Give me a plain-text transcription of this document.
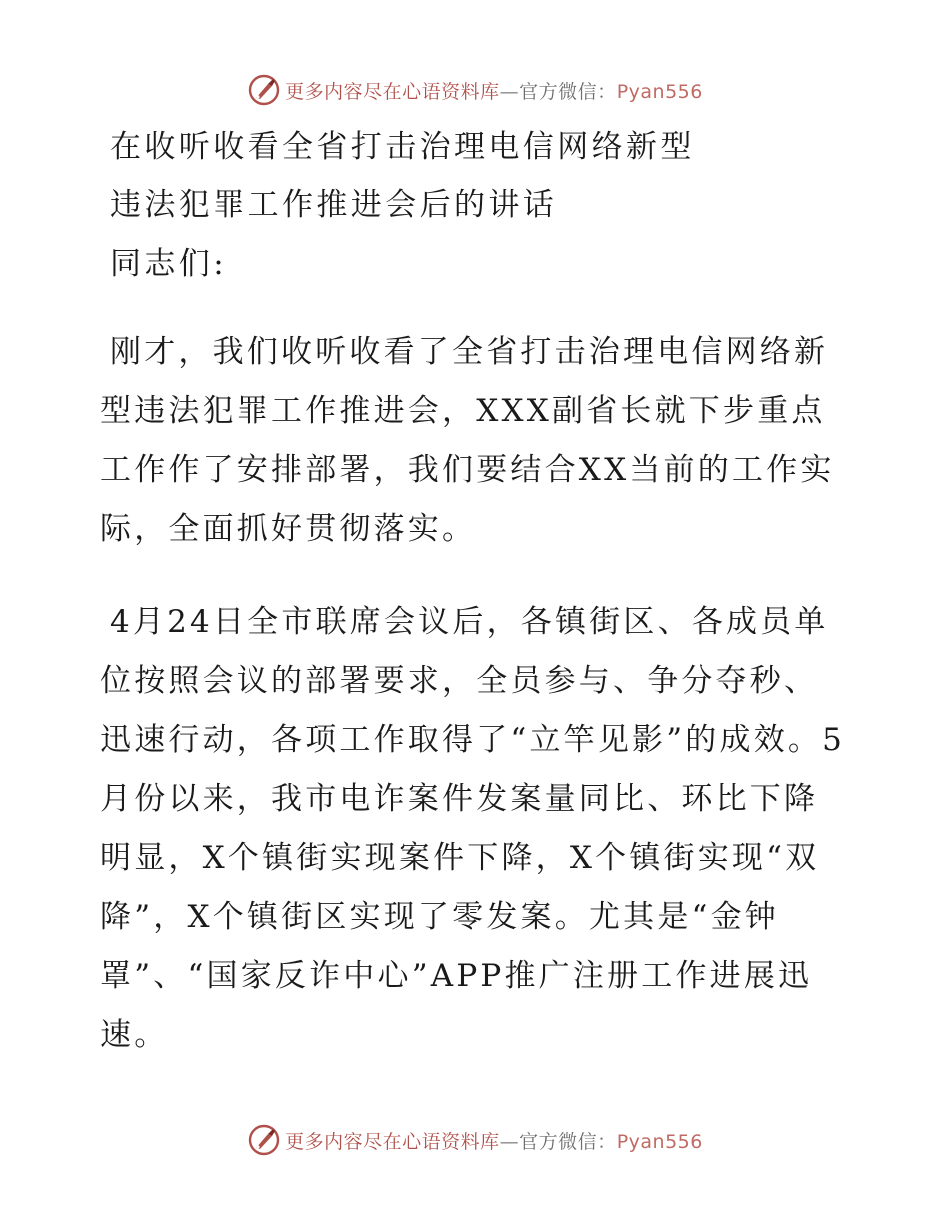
更多内容尽在心语资料库—官方微信：Pyan556

在收听收看全省打击治理电信网络新型

违法犯罪工作推进会后的讲话

同志们:

刚才，我们收听收看了全省打击治理电信网络新型违法犯罪工作推进会，XXX副省长就下步重点工作作了安排部署，我们要结合XX当前的工作实际，全面抓好贯彻落实。

4月24日全市联席会议后，各镇街区、各成员单位按照会议的部署要求，全员参与、争分夺秒、迅速行动，各项工作取得了“立竿见影”的成效。5月份以来，我市电诈案件发案量同比、环比下降明显，X个镇街实现案件下降，X个镇街实现“双降”，X个镇街区实现了零发案。尤其是“金钟罩”、“国家反诈中心”APP推广注册工作进展迅速。

更多内容尽在心语资料库—官方微信：Pyan556
